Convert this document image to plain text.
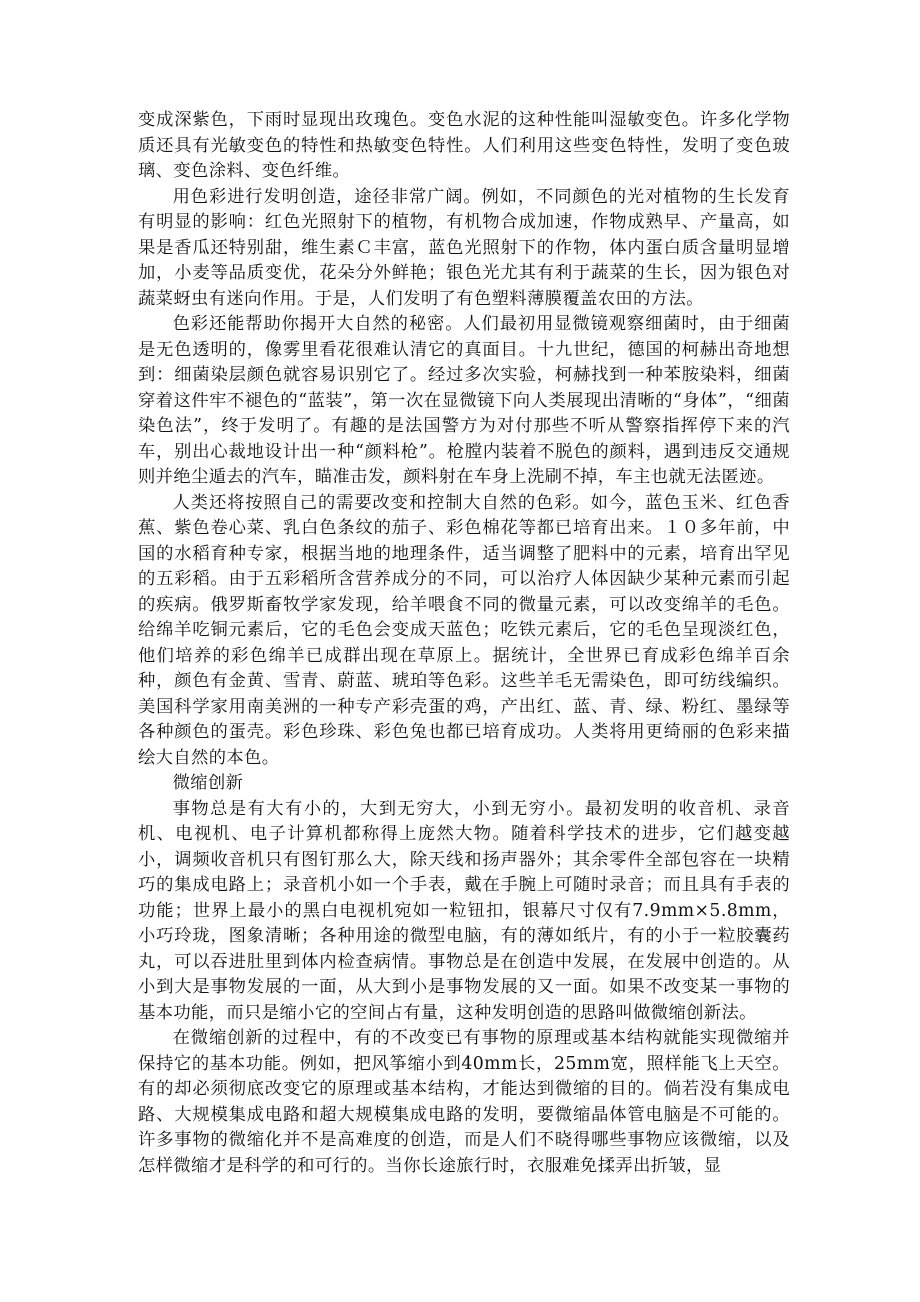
变成深紫色，下雨时显现出玫瑰色。变色水泥的这种性能叫湿敏变色。许多化学物质还具有光敏变色的特性和热敏变色特性。人们利用这些变色特性，发明了变色玻璃、变色涂料、变色纤维。

用色彩进行发明创造，途径非常广阔。例如，不同颜色的光对植物的生长发育有明显的影响：红色光照射下的植物，有机物合成加速，作物成熟早、产量高，如果是香瓜还特别甜，维生素Ｃ丰富，蓝色光照射下的作物，体内蛋白质含量明显增加，小麦等品质变优，花朵分外鲜艳；银色光尤其有利于蔬菜的生长，因为银色对蔬菜蚜虫有迷向作用。于是，人们发明了有色塑料薄膜覆盖农田的方法。

色彩还能帮助你揭开大自然的秘密。人们最初用显微镜观察细菌时，由于细菌是无色透明的，像雾里看花很难认清它的真面目。十九世纪，德国的柯赫出奇地想到：细菌染层颜色就容易识别它了。经过多次实验，柯赫找到一种苯胺染料，细菌穿着这件牢不褪色的“蓝装”，第一次在显微镜下向人类展现出清晰的“身体”，“细菌染色法”，终于发明了。有趣的是法国警方为对付那些不听从警察指挥停下来的汽车，别出心裁地设计出一种“颜料枪”。枪膛内装着不脱色的颜料，遇到违反交通规则并绝尘遁去的汽车，瞄准击发，颜料射在车身上洗刷不掉，车主也就无法匿迹。

人类还将按照自己的需要改变和控制大自然的色彩。如今，蓝色玉米、红色香蕉、紫色卷心菜、乳白色条纹的茄子、彩色棉花等都已培育出来。１０多年前，中国的水稻育种专家，根据当地的地理条件，适当调整了肥料中的元素，培育出罕见的五彩稻。由于五彩稻所含营养成分的不同，可以治疗人体因缺少某种元素而引起的疾病。俄罗斯畜牧学家发现，给羊喂食不同的微量元素，可以改变绵羊的毛色。给绵羊吃铜元素后，它的毛色会变成天蓝色；吃铁元素后，它的毛色呈现淡红色，他们培养的彩色绵羊已成群出现在草原上。据统计，全世界已育成彩色绵羊百余种，颜色有金黄、雪青、蔚蓝、琥珀等色彩。这些羊毛无需染色，即可纺线编织。美国科学家用南美洲的一种专产彩壳蛋的鸡，产出红、蓝、青、绿、粉红、墨绿等各种颜色的蛋壳。彩色珍珠、彩色兔也都已培育成功。人类将用更绮丽的色彩来描绘大自然的本色。

微缩创新

事物总是有大有小的，大到无穷大，小到无穷小。最初发明的收音机、录音机、电视机、电子计算机都称得上庞然大物。随着科学技术的进步，它们越变越小，调频收音机只有图钉那么大，除天线和扬声器外；其余零件全部包容在一块精巧的集成电路上；录音机小如一个手表，戴在手腕上可随时录音；而且具有手表的功能；世界上最小的黑白电视机宛如一粒钮扣，银幕尺寸仅有7.9mm×5.8mm，小巧玲珑，图象清晰；各种用途的微型电脑，有的薄如纸片，有的小于一粒胶囊药丸，可以吞进肚里到体内检查病情。事物总是在创造中发展，在发展中创造的。从小到大是事物发展的一面，从大到小是事物发展的又一面。如果不改变某一事物的基本功能，而只是缩小它的空间占有量，这种发明创造的思路叫做微缩创新法。

在微缩创新的过程中，有的不改变已有事物的原理或基本结构就能实现微缩并保持它的基本功能。例如，把风筝缩小到40mm长，25mm宽，照样能飞上天空。有的却必须彻底改变它的原理或基本结构，才能达到微缩的目的。倘若没有集成电路、大规模集成电路和超大规模集成电路的发明，要微缩晶体管电脑是不可能的。许多事物的微缩化并不是高难度的创造，而是人们不晓得哪些事物应该微缩，以及怎样微缩才是科学的和可行的。当你长途旅行时，衣服难免揉弄出折皱，显
